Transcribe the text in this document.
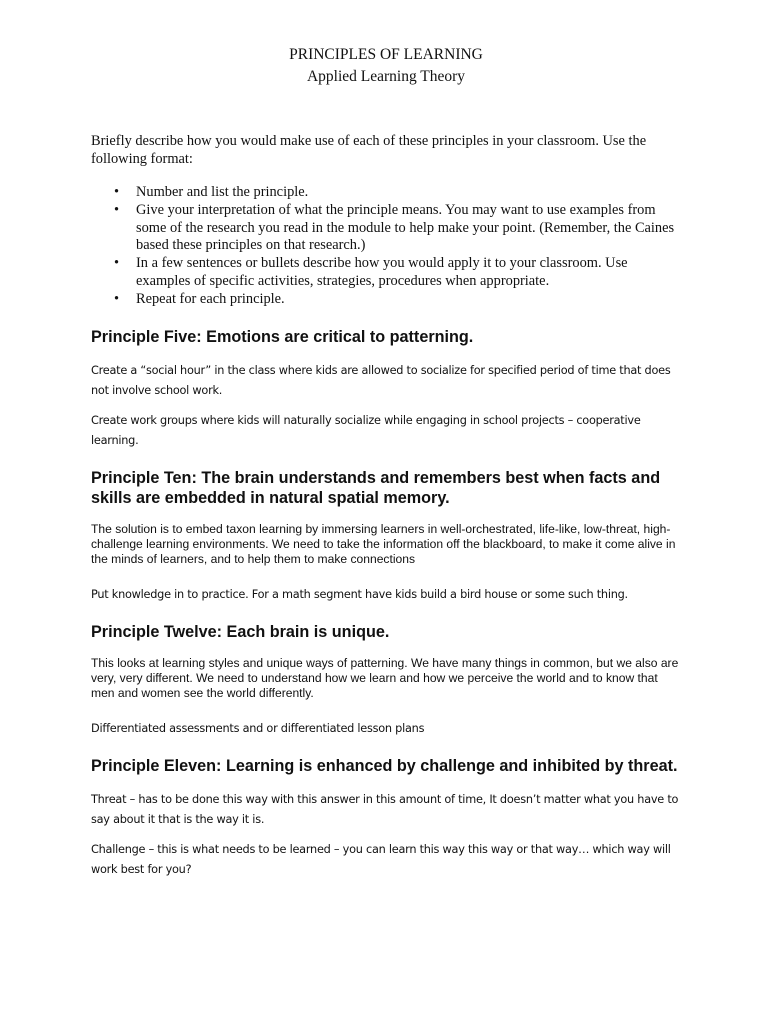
PRINCIPLES OF LEARNING
Applied Learning Theory

Briefly describe how you would make use of each of these principles in your classroom. Use the following format:

• Number and list the principle.
• Give your interpretation of what the principle means. You may want to use examples from some of the research you read in the module to help make your point. (Remember, the Caines based these principles on that research.)
• In a few sentences or bullets describe how you would apply it to your classroom. Use examples of specific activities, strategies, procedures when appropriate.
• Repeat for each principle.
Principle Five: Emotions are critical to patterning.

Create a “social hour” in the class where kids are allowed to socialize for specified period of time that does not involve school work.

Create work groups where kids will naturally socialize while engaging in school projects – cooperative learning.

Principle Ten: The brain understands and remembers best when facts and skills are embedded in natural spatial memory.

The solution is to embed taxon learning by immersing learners in well-orchestrated, life-like, low-threat, high-challenge learning environments. We need to take the information off the blackboard, to make it come alive in the minds of learners, and to help them to make connections

Put knowledge in to practice. For a math segment have kids build a bird house or some such thing.

Principle Twelve: Each brain is unique.

This looks at learning styles and unique ways of patterning. We have many things in common, but we also are very, very different. We need to understand how we learn and how we perceive the world and to know that men and women see the world differently.

Differentiated assessments and or differentiated lesson plans

Principle Eleven: Learning is enhanced by challenge and inhibited by threat.

Threat – has to be done this way with this answer in this amount of time, It doesn’t matter what you have to say about it that is the way it is.

Challenge – this is what needs to be learned – you can learn this way this way or that way… which way will work best for you?
